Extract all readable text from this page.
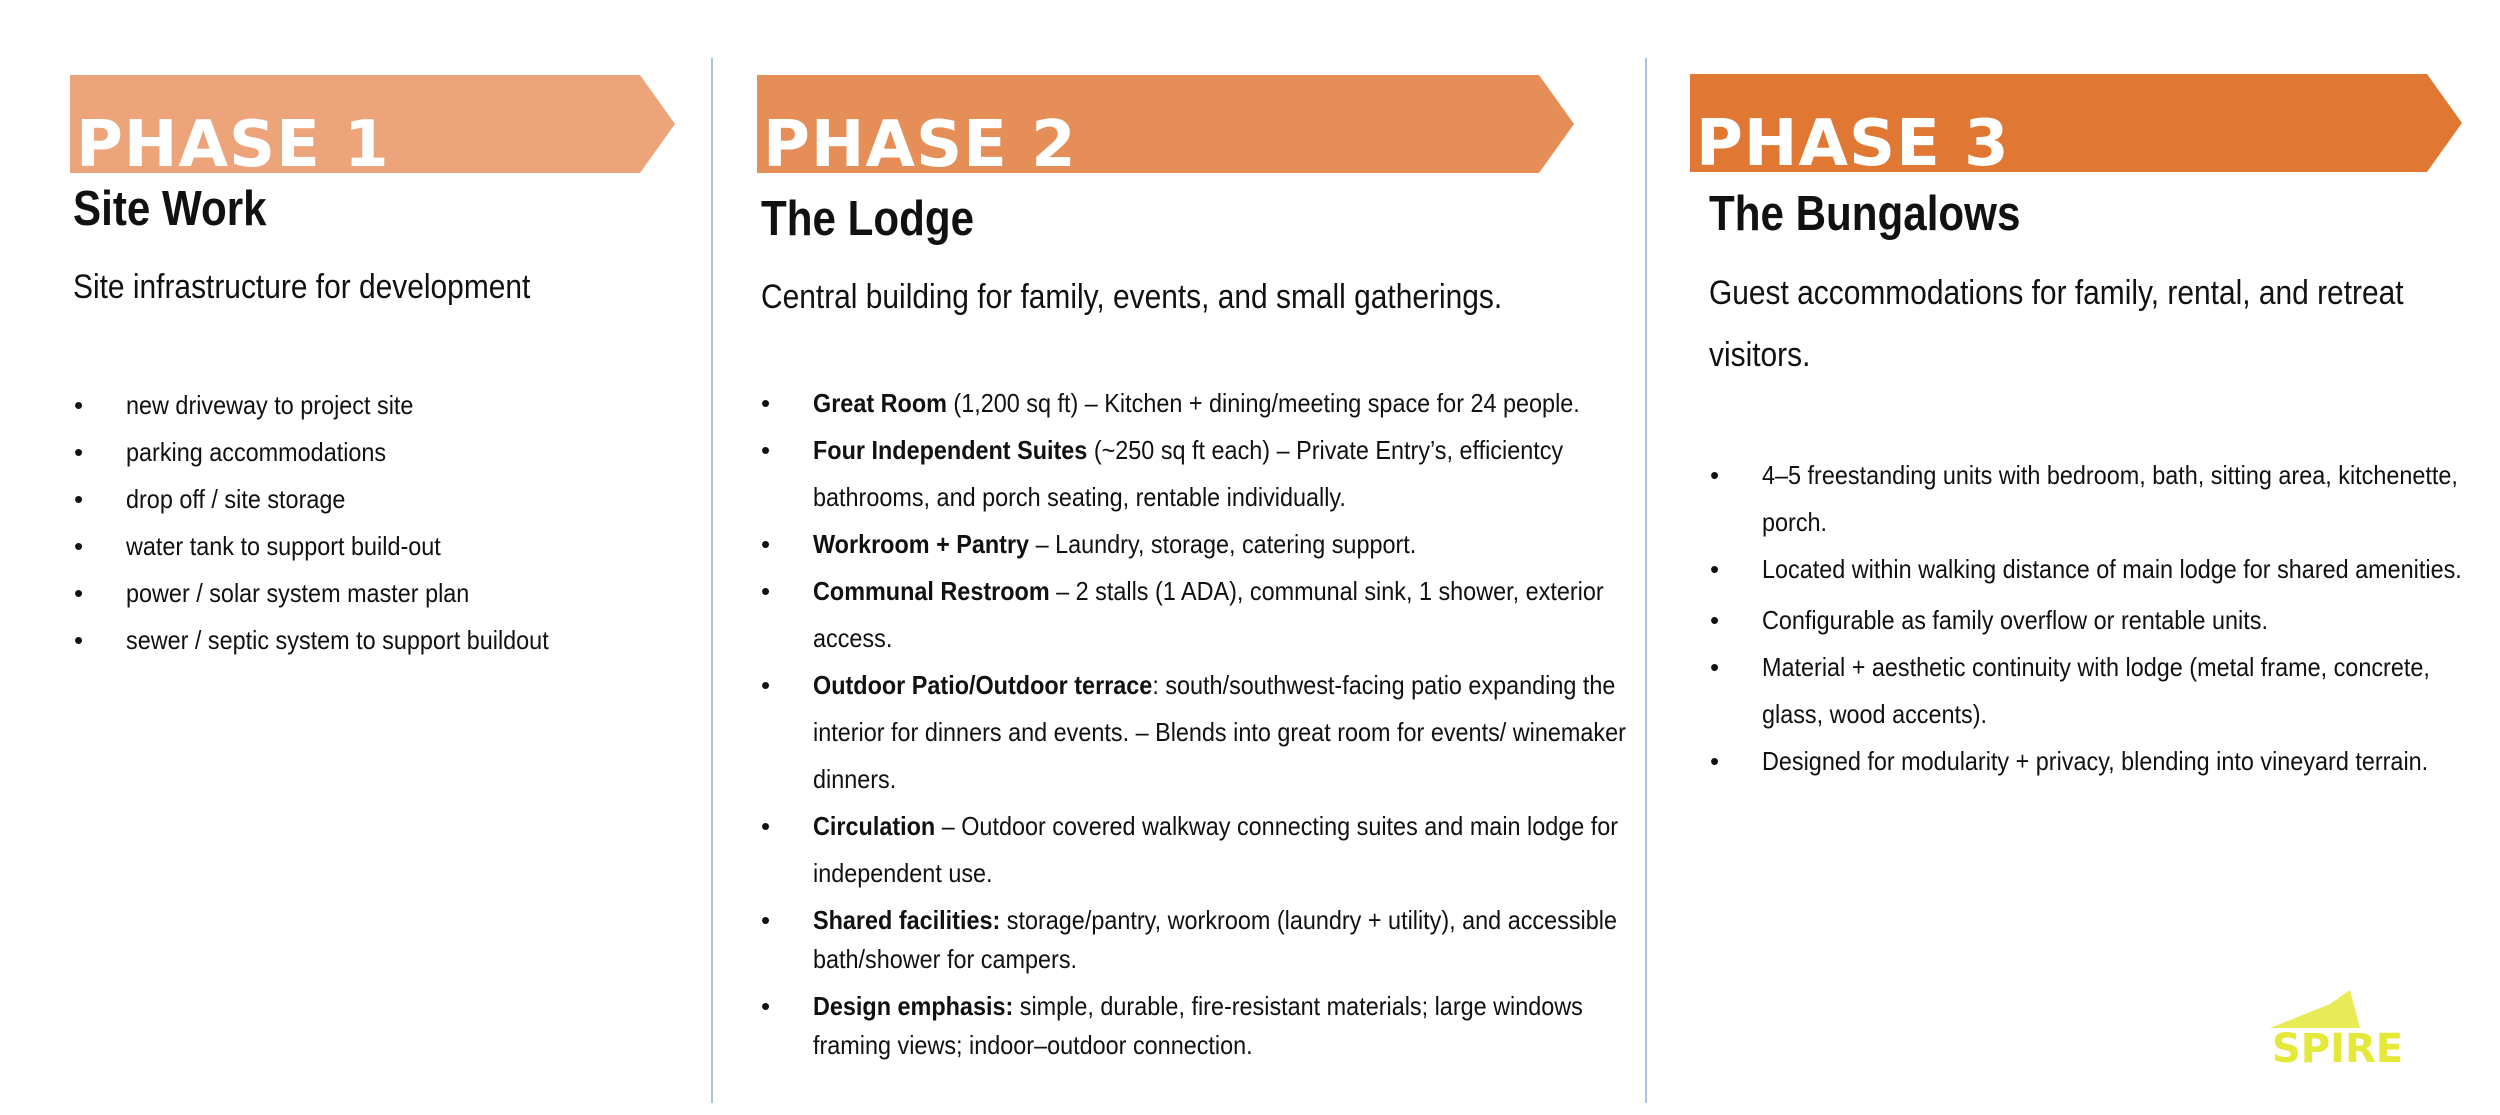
PHASE 1
Site Work
Site infrastructure for development
• new driveway to project site
• parking accommodations
• drop off / site storage
• water tank to support build-out
• power / solar system master plan
• sewer / septic system to support buildout
PHASE 2
The Lodge
Central building for family, events, and small gatherings.
• Great Room (1,200 sq ft) – Kitchen + dining/meeting space for 24 people.
• Four Independent Suites (~250 sq ft each) – Private Entry’s, efficientcy bathrooms, and porch seating, rentable individually.
• Workroom + Pantry – Laundry, storage, catering support.
• Communal Restroom – 2 stalls (1 ADA), communal sink, 1 shower, exterior access.
• Outdoor Patio/Outdoor terrace: south/southwest-facing patio expanding the interior for dinners and events. – Blends into great room for events/ winemaker dinners.
• Circulation – Outdoor covered walkway connecting suites and main lodge for independent use.
• Shared facilities: storage/pantry, workroom (laundry + utility), and accessible bath/shower for campers.
• Design emphasis: simple, durable, fire-resistant materials; large windows framing views; indoor–outdoor connection.
PHASE 3
The Bungalows
Guest accommodations for family, rental, and retreat visitors.
• 4–5 freestanding units with bedroom, bath, sitting area, kitchenette, porch.
• Located within walking distance of main lodge for shared amenities.
• Configurable as family overflow or rentable units.
• Material + aesthetic continuity with lodge (metal frame, concrete, glass, wood accents).
• Designed for modularity + privacy, blending into vineyard terrain.
SPIRE
